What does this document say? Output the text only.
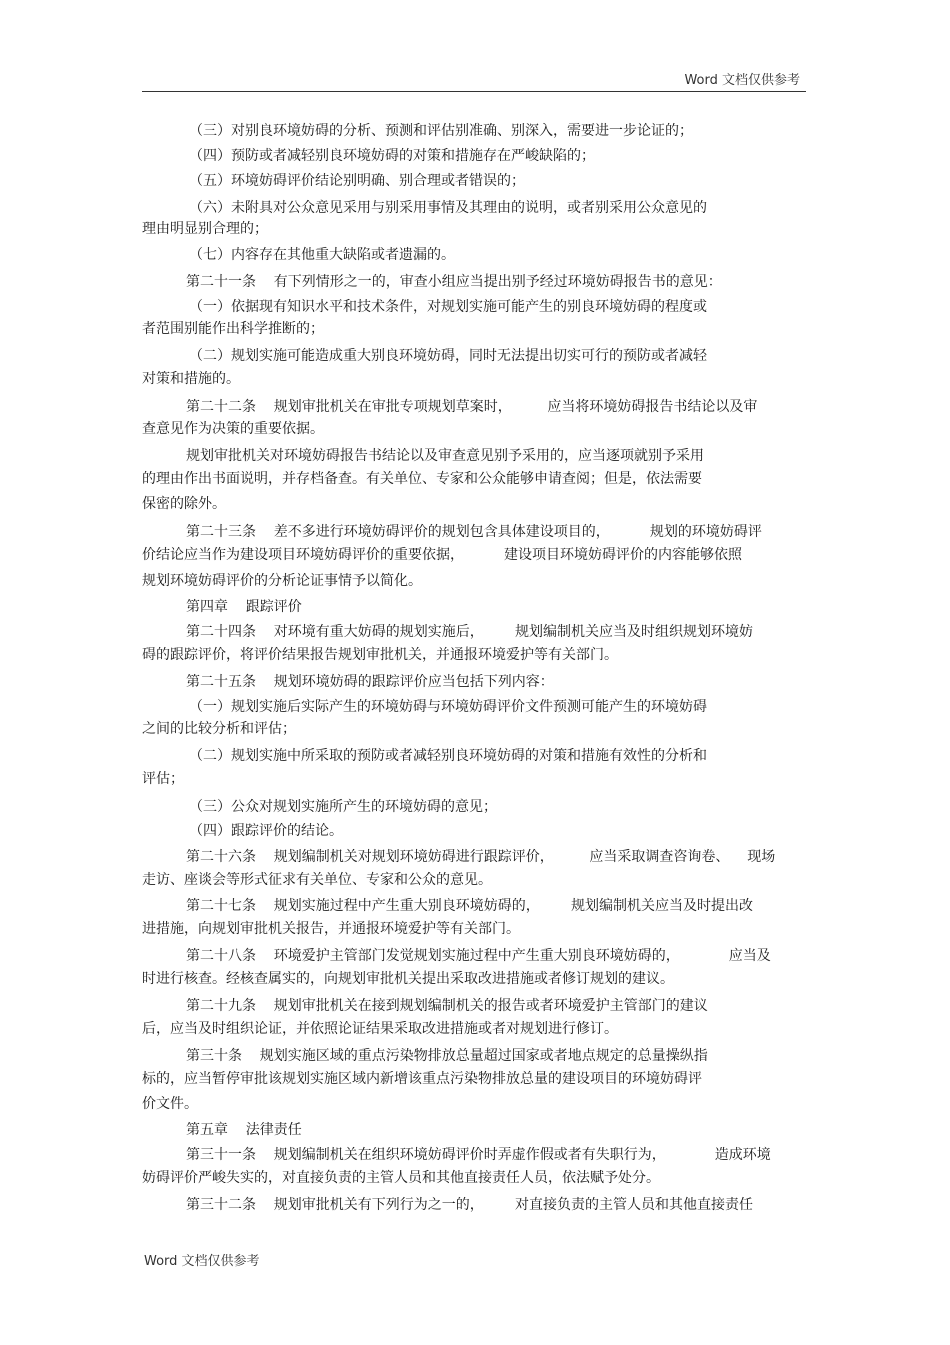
Word 文档仅供参考
（三）对别良环境妨碍的分析、预测和评估别准确、别深入，需要进一步论证的；
（四）预防或者减轻别良环境妨碍的对策和措施存在严峻缺陷的；
（五）环境妨碍评价结论别明确、别合理或者错误的；
（六）未附具对公众意见采用与别采用事情及其理由的说明，或者别采用公众意见的
理由明显别合理的；
（七）内容存在其他重大缺陷或者遗漏的。
第二十一条    有下列情形之一的，审查小组应当提出别予经过环境妨碍报告书的意见：
（一）依据现有知识水平和技术条件，对规划实施可能产生的别良环境妨碍的程度或
者范围别能作出科学推断的；
（二）规划实施可能造成重大别良环境妨碍，同时无法提出切实可行的预防或者减轻
对策和措施的。
第二十二条    规划审批机关在审批专项规划草案时，        应当将环境妨碍报告书结论以及审
查意见作为决策的重要依据。
规划审批机关对环境妨碍报告书结论以及审查意见别予采用的，应当逐项就别予采用
的理由作出书面说明，并存档备查。有关单位、专家和公众能够申请查阅；但是，依法需要
保密的除外。
第二十三条    差不多进行环境妨碍评价的规划包含具体建设项目的，         规划的环境妨碍评
价结论应当作为建设项目环境妨碍评价的重要依据，         建设项目环境妨碍评价的内容能够依照
规划环境妨碍评价的分析论证事情予以简化。
第四章    跟踪评价
第二十四条    对环境有重大妨碍的规划实施后，       规划编制机关应当及时组织规划环境妨
碍的跟踪评价，将评价结果报告规划审批机关，并通报环境爱护等有关部门。
第二十五条    规划环境妨碍的跟踪评价应当包括下列内容：
（一）规划实施后实际产生的环境妨碍与环境妨碍评价文件预测可能产生的环境妨碍
之间的比较分析和评估；
（二）规划实施中所采取的预防或者减轻别良环境妨碍的对策和措施有效性的分析和
评估；
（三）公众对规划实施所产生的环境妨碍的意见；
（四）跟踪评价的结论。
第二十六条    规划编制机关对规划环境妨碍进行跟踪评价，        应当采取调查咨询卷、    现场
走访、座谈会等形式征求有关单位、专家和公众的意见。
第二十七条    规划实施过程中产生重大别良环境妨碍的，       规划编制机关应当及时提出改
进措施，向规划审批机关报告，并通报环境爱护等有关部门。
第二十八条    环境爱护主管部门发觉规划实施过程中产生重大别良环境妨碍的，           应当及
时进行核查。经核查属实的，向规划审批机关提出采取改进措施或者修订规划的建议。
第二十九条    规划审批机关在接到规划编制机关的报告或者环境爱护主管部门的建议
后，应当及时组织论证，并依照论证结果采取改进措施或者对规划进行修订。
第三十条    规划实施区域的重点污染物排放总量超过国家或者地点规定的总量操纵指
标的，应当暂停审批该规划实施区域内新增该重点污染物排放总量的建设项目的环境妨碍评
价文件。
第五章    法律责任
第三十一条    规划编制机关在组织环境妨碍评价时弄虚作假或者有失职行为，           造成环境
妨碍评价严峻失实的，对直接负责的主管人员和其他直接责任人员，依法赋予处分。
第三十二条    规划审批机关有下列行为之一的，       对直接负责的主管人员和其他直接责任
Word 文档仅供参考
